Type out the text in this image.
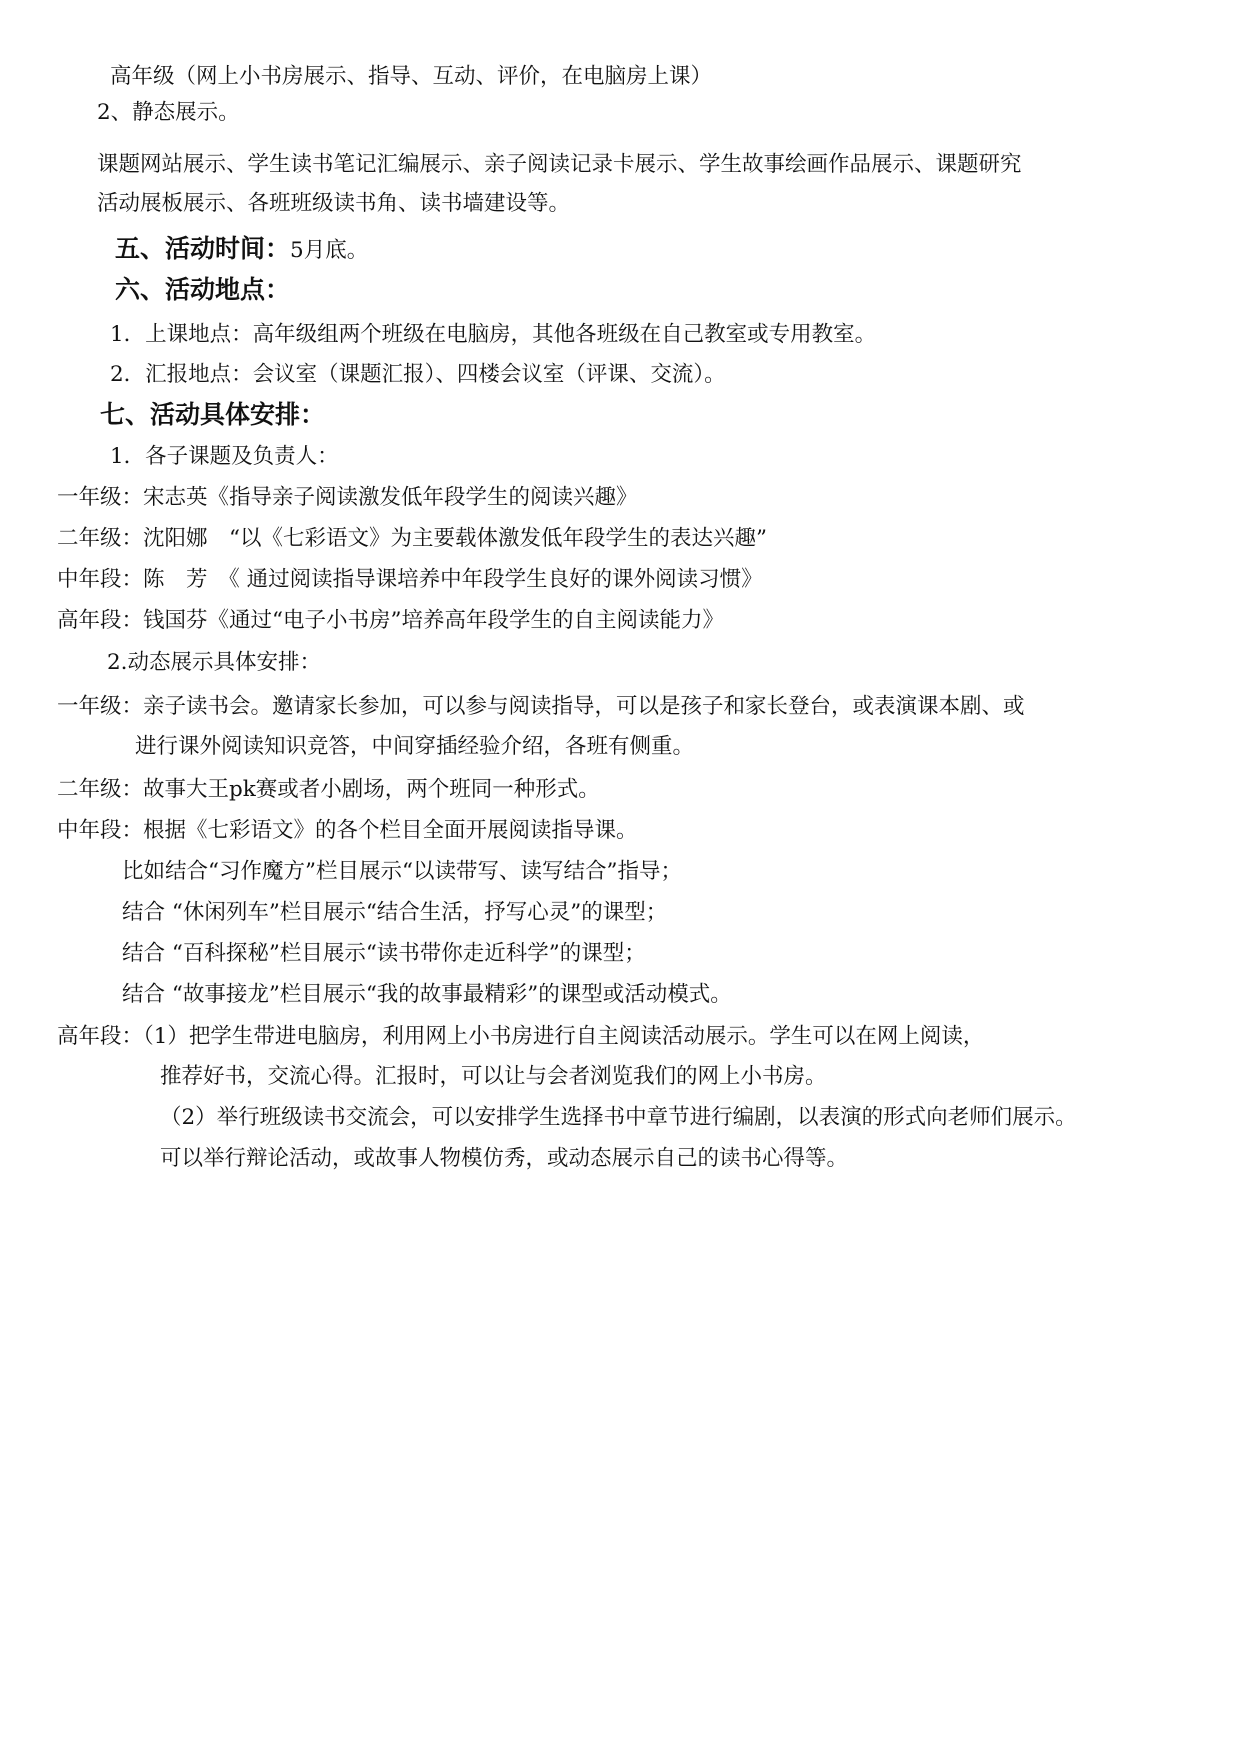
高年级（网上小书房展示、指导、互动、评价，在电脑房上课）
2、静态展示。
课题网站展示、学生读书笔记汇编展示、亲子阅读记录卡展示、学生故事绘画作品展示、课题研究
活动展板展示、各班班级读书角、读书墙建设等。
五、活动时间：5月底。
六、活动地点：
1．上课地点：高年级组两个班级在电脑房，其他各班级在自己教室或专用教室。
2．汇报地点：会议室（课题汇报）、四楼会议室（评课、交流）。
七、活动具体安排：
1．各子课题及负责人：
一年级：宋志英《指导亲子阅读激发低年段学生的阅读兴趣》
二年级：沈阳娜　“以《七彩语文》为主要载体激发低年段学生的表达兴趣”
中年段：陈　芳　《 通过阅读指导课培养中年段学生良好的课外阅读习惯》
高年段：钱国芬《通过“电子小书房”培养高年段学生的自主阅读能力》
2.动态展示具体安排：
一年级：亲子读书会。邀请家长参加，可以参与阅读指导，可以是孩子和家长登台，或表演课本剧、或
进行课外阅读知识竞答，中间穿插经验介绍，各班有侧重。
二年级：故事大王pk赛或者小剧场，两个班同一种形式。
中年段：根据《七彩语文》的各个栏目全面开展阅读指导课。
比如结合“习作魔方”栏目展示“以读带写、读写结合”指导；
结合 “休闲列车”栏目展示“结合生活，抒写心灵”的课型；
结合 “百科探秘”栏目展示“读书带你走近科学”的课型；
结合 “故事接龙”栏目展示“我的故事最精彩”的课型或活动模式。
高年段：（1）把学生带进电脑房，利用网上小书房进行自主阅读活动展示。学生可以在网上阅读，
推荐好书，交流心得。汇报时，可以让与会者浏览我们的网上小书房。
（2）举行班级读书交流会，可以安排学生选择书中章节进行编剧，以表演的形式向老师们展示。
可以举行辩论活动，或故事人物模仿秀，或动态展示自己的读书心得等。
